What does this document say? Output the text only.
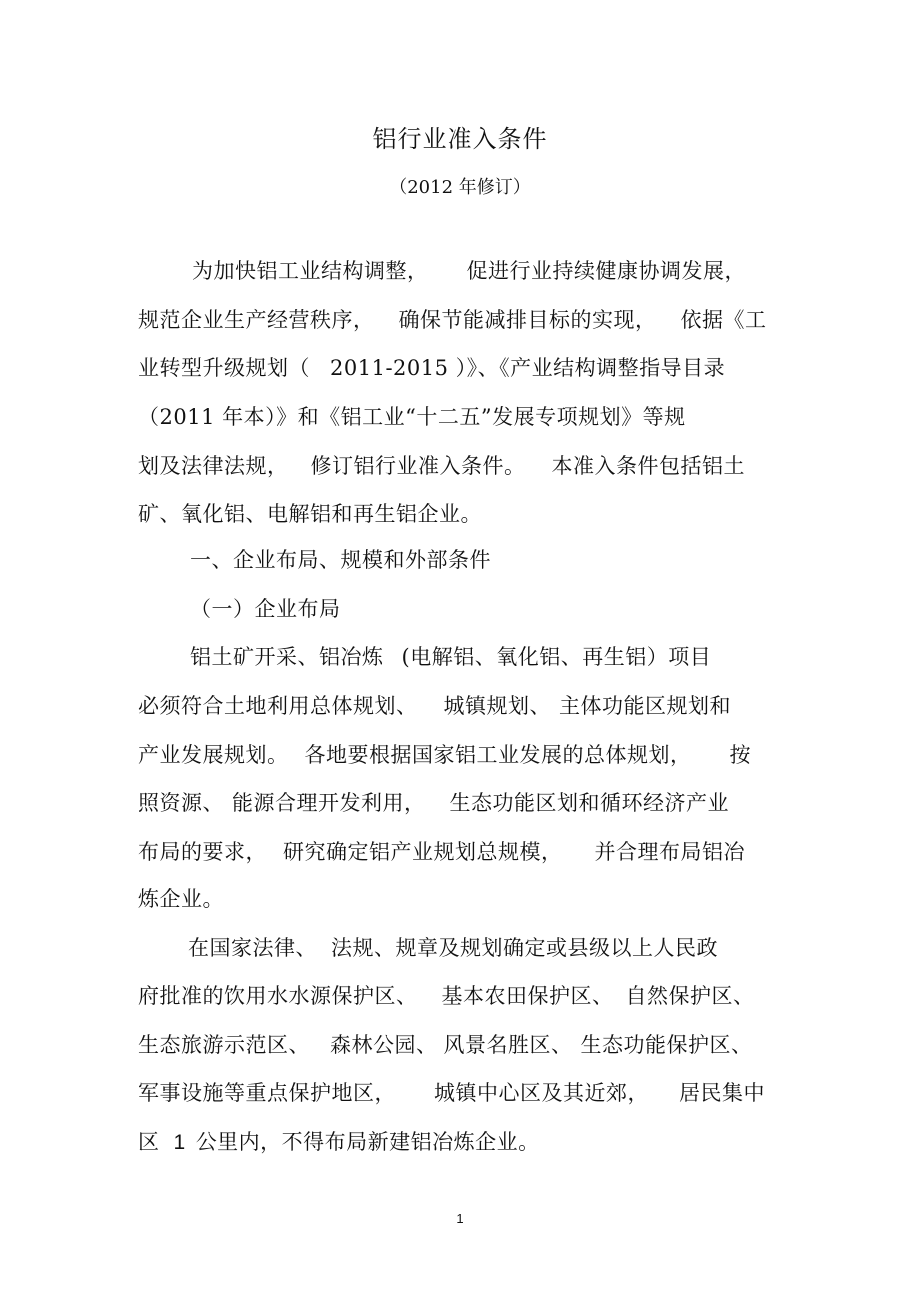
铝行业准入条件
（2012 年修订）
为加快铝工业结构调整， 促进行业持续健康协调发展，
规范企业生产经营秩序， 确保节能减排目标的实现， 依据《工
业转型升级规划（ 2011-2015 ）》、《产业结构调整指导目录
（2011 年本）》和《铝工业“十二五”发展专项规划》等规
划及法律法规， 修订铝行业准入条件。 本准入条件包括铝土
矿、氧化铝、电解铝和再生铝企业。
一、企业布局、规模和外部条件
（一）企业布局
铝土矿开采、铝冶炼 (电解铝、氧化铝、再生铝）项目
必须符合土地利用总体规划、 城镇规划、 主体功能区规划和
产业发展规划。 各地要根据国家铝工业发展的总体规划， 按
照资源、 能源合理开发利用， 生态功能区划和循环经济产业
布局的要求， 研究确定铝产业规划总规模， 并合理布局铝冶
炼企业。
在国家法律、 法规、规章及规划确定或县级以上人民政
府批准的饮用水水源保护区、 基本农田保护区、 自然保护区、
生态旅游示范区、 森林公园、 风景名胜区、 生态功能保护区、
军事设施等重点保护地区， 城镇中心区及其近郊， 居民集中
区 1 公里内，不得布局新建铝冶炼企业。
1
